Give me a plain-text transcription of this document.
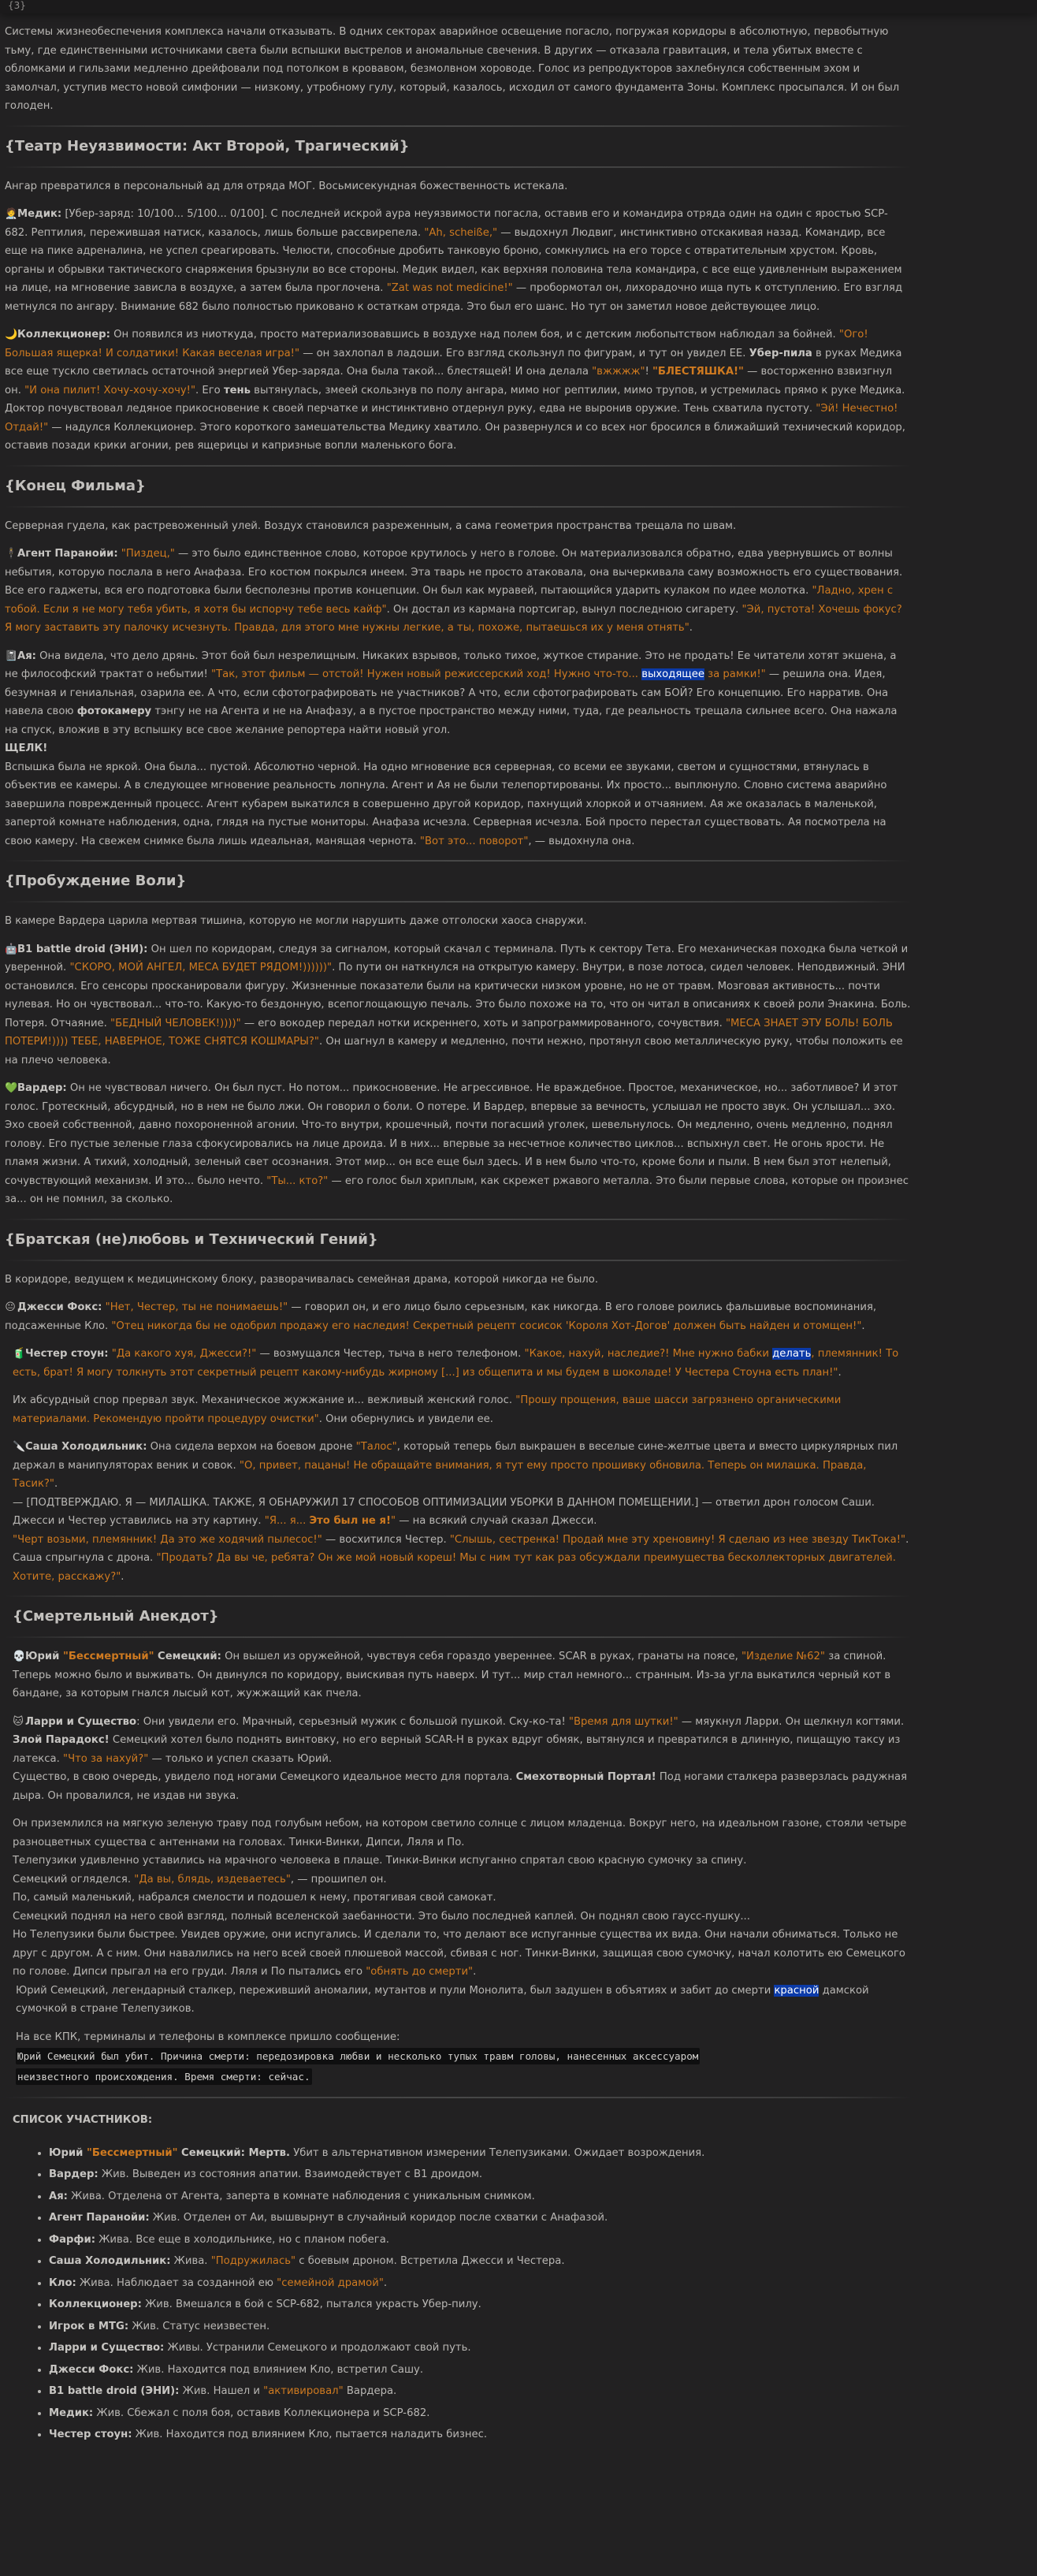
{3}

Системы жизнеобеспечения комплекса начали отказывать. В одних секторах аварийное освещение погасло, погружая коридоры в абсолютную, первобытную тьму, где единственными источниками света были вспышки выстрелов и аномальные свечения. В других — отказала гравитация, и тела убитых вместе с обломками и гильзами медленно дрейфовали под потолком в кровавом, безмолвном хороводе. Голос из репродукторов захлебнулся собственным эхом и замолчал, уступив место новой симфонии — низкому, утробному гулу, который, казалось, исходил от самого фундамента Зоны. Комплекс просыпался. И он был голоден.

{Театр Неуязвимости: Акт Второй, Трагический}

Ангар превратился в персональный ад для отряда МОГ. Восьмисекундная божественность истекала.

🧑‍⚕️Медик: [Убер-заряд: 10/100... 5/100... 0/100]. С последней искрой аура неуязвимости погасла, оставив его и командира отряда один на один с яростью SCP-682. Рептилия, пережившая натиск, казалось, лишь больше рассвирепела. "Ah, scheiße," — выдохнул Людвиг, инстинктивно отскакивая назад. Командир, все еще на пике адреналина, не успел среагировать. Челюсти, способные дробить танковую броню, сомкнулись на его торсе с отвратительным хрустом. Кровь, органы и обрывки тактического снаряжения брызнули во все стороны. Медик видел, как верхняя половина тела командира, с все еще удивленным выражением на лице, на мгновение зависла в воздухе, а затем была проглочена. "Zat was not medicine!" — пробормотал он, лихорадочно ища путь к отступлению. Его взгляд метнулся по ангару. Внимание 682 было полностью приковано к остаткам отряда. Это был его шанс. Но тут он заметил новое действующее лицо.

🌙Коллекционер: Он появился из ниоткуда, просто материализовавшись в воздухе над полем боя, и с детским любопытством наблюдал за бойней. "Ого! Большая ящерка! И солдатики! Какая веселая игра!" — он захлопал в ладоши. Его взгляд скользнул по фигурам, и тут он увидел ЕЕ. Убер-пила в руках Медика все еще тускло светилась остаточной энергией Убер-заряда. Она была такой... блестящей! И она делала "вжжжж"! "БЛЕСТЯШКА!" — восторженно взвизгнул он. "И она пилит! Хочу-хочу-хочу!". Его тень вытянулась, змеей скользнув по полу ангара, мимо ног рептилии, мимо трупов, и устремилась прямо к руке Медика. Доктор почувствовал ледяное прикосновение к своей перчатке и инстинктивно отдернул руку, едва не выронив оружие. Тень схватила пустоту. "Эй! Нечестно! Отдай!" — надулся Коллекционер. Этого короткого замешательства Медику хватило. Он развернулся и со всех ног бросился в ближайший технический коридор, оставив позади крики агонии, рев ящерицы и капризные вопли маленького бога.

{Конец Фильма}

Серверная гудела, как растревоженный улей. Воздух становился разреженным, а сама геометрия пространства трещала по швам.

🕴Агент Паранойи: "Пиздец," — это было единственное слово, которое крутилось у него в голове. Он материализовался обратно, едва увернувшись от волны небытия, которую послала в него Анафаза. Его костюм покрылся инеем. Эта тварь не просто атаковала, она вычеркивала саму возможность его существования. Все его гаджеты, вся его подготовка были бесполезны против концепции. Он был как муравей, пытающийся ударить кулаком по идее молотка. "Ладно, хрен с тобой. Если я не могу тебя убить, я хотя бы испорчу тебе весь кайф". Он достал из кармана портсигар, вынул последнюю сигарету. "Эй, пустота! Хочешь фокус? Я могу заставить эту палочку исчезнуть. Правда, для этого мне нужны легкие, а ты, похоже, пытаешься их у меня отнять".

📓Ая: Она видела, что дело дрянь. Этот бой был незрелищным. Никаких взрывов, только тихое, жуткое стирание. Это не продать! Ее читатели хотят экшена, а не философский трактат о небытии! "Так, этот фильм — отстой! Нужен новый режиссерский ход! Нужно что-то... выходящее за рамки!" — решила она. Идея, безумная и гениальная, озарила ее. А что, если сфотографировать не участников? А что, если сфотографировать сам БОЙ? Его концепцию. Его нарратив. Она навела свою фотокамеру тэнгу не на Агента и не на Анафазу, а в пустое пространство между ними, туда, где реальность трещала сильнее всего. Она нажала на спуск, вложив в эту вспышку все свое желание репортера найти новый угол.

ЩЕЛК!

Вспышка была не яркой. Она была... пустой. Абсолютно черной. На одно мгновение вся серверная, со всеми ее звуками, светом и сущностями, втянулась в объектив ее камеры. А в следующее мгновение реальность лопнула. Агент и Ая не были телепортированы. Их просто... выплюнуло. Словно система аварийно завершила поврежденный процесс. Агент кубарем выкатился в совершенно другой коридор, пахнущий хлоркой и отчаянием. Ая же оказалась в маленькой, запертой комнате наблюдения, одна, глядя на пустые мониторы. Анафаза исчезла. Серверная исчезла. Бой просто перестал существовать. Ая посмотрела на свою камеру. На свежем снимке была лишь идеальная, манящая чернота. "Вот это... поворот", — выдохнула она.

{Пробуждение Воли}

В камере Вардера царила мертвая тишина, которую не могли нарушить даже отголоски хаоса снаружи.

🤖B1 battle droid (ЭНИ): Он шел по коридорам, следуя за сигналом, который скачал с терминала. Путь к сектору Тета. Его механическая походка была четкой и уверенной. "СКОРО, МОЙ АНГЕЛ, МЕСА БУДЕТ РЯДОМ!))))))". По пути он наткнулся на открытую камеру. Внутри, в позе лотоса, сидел человек. Неподвижный. ЭНИ остановился. Его сенсоры просканировали фигуру. Жизненные показатели были на критически низком уровне, но не от травм. Мозговая активность... почти нулевая. Но он чувствовал... что-то. Какую-то бездонную, всепоглощающую печаль. Это было похоже на то, что он читал в описаниях к своей роли Энакина. Боль. Потеря. Отчаяние. "БЕДНЫЙ ЧЕЛОВЕК!))))" — его вокодер передал нотки искреннего, хоть и запрограммированного, сочувствия. "МЕСА ЗНАЕТ ЭТУ БОЛЬ! БОЛЬ ПОТЕРИ!)))) ТЕБЕ, НАВЕРНОЕ, ТОЖЕ СНЯТСЯ КОШМАРЫ?". Он шагнул в камеру и медленно, почти нежно, протянул свою металлическую руку, чтобы положить ее на плечо человека.

💚Вардер: Он не чувствовал ничего. Он был пуст. Но потом... прикосновение. Не агрессивное. Не враждебное. Простое, механическое, но... заботливое? И этот голос. Гротескный, абсурдный, но в нем не было лжи. Он говорил о боли. О потере. И Вардер, впервые за вечность, услышал не просто звук. Он услышал... эхо. Эхо своей собственной, давно похороненной агонии. Что-то внутри, крошечный, почти погасший уголек, шевельнулось. Он медленно, очень медленно, поднял голову. Его пустые зеленые глаза сфокусировались на лице дроида. И в них... впервые за несчетное количество циклов... вспыхнул свет. Не огонь ярости. Не пламя жизни. А тихий, холодный, зеленый свет осознания. Этот мир... он все еще был здесь. И в нем было что-то, кроме боли и пыли. В нем был этот нелепый, сочувствующий механизм. И это... было нечто. "Ты... кто?" — его голос был хриплым, как скрежет ржавого металла. Это были первые слова, которые он произнес за... он не помнил, за сколько.

{Братская (не)любовь и Технический Гений}

В коридоре, ведущем к медицинскому блоку, разворачивалась семейная драма, которой никогда не было.

😐 Джесси Фокс: "Нет, Честер, ты не понимаешь!" — говорил он, и его лицо было серьезным, как никогда. В его голове роились фальшивые воспоминания, подсаженные Кло. "Отец никогда бы не одобрил продажу его наследия! Секретный рецепт сосисок 'Короля Хот-Догов' должен быть найден и отомщен!".

🧃Честер стоун: "Да какого хуя, Джесси?!" — возмущался Честер, тыча в него телефоном. "Какое, нахуй, наследие?! Мне нужно бабки делать, племянник! То есть, брат! Я могу толкнуть этот секретный рецепт какому-нибудь жирному [...] из общепита и мы будем в шоколаде! У Честера Стоуна есть план!".

Их абсурдный спор прервал звук. Механическое жужжание и... вежливый женский голос. "Прошу прощения, ваше шасси загрязнено органическими материалами. Рекомендую пройти процедуру очистки". Они обернулись и увидели ее.

🔪Саша Холодильник: Она сидела верхом на боевом дроне "Талос", который теперь был выкрашен в веселые сине-желтые цвета и вместо циркулярных пил держал в манипуляторах веник и совок. "О, привет, пацаны! Не обращайте внимания, я тут ему просто прошивку обновила. Теперь он милашка. Правда, Тасик?".

— [ПОДТВЕРЖДАЮ. Я — МИЛАШКА. ТАКЖЕ, Я ОБНАРУЖИЛ 17 СПОСОБОВ ОПТИМИЗАЦИИ УБОРКИ В ДАННОМ ПОМЕЩЕНИИ.] — ответил дрон голосом Саши.

Джесси и Честер уставились на эту картину. "Я... я... Это был не я!" — на всякий случай сказал Джесси.

"Черт возьми, племянник! Да это же ходячий пылесос!" — восхитился Честер. "Слышь, сестренка! Продай мне эту хреновину! Я сделаю из нее звезду ТикТока!".

Саша спрыгнула с дрона. "Продать? Да вы че, ребята? Он же мой новый кореш! Мы с ним тут как раз обсуждали преимущества бесколлекторных двигателей. Хотите, расскажу?".

{Смертельный Анекдот}

💀Юрий "Бессмертный" Семецкий: Он вышел из оружейной, чувствуя себя гораздо увереннее. SCAR в руках, гранаты на поясе, "Изделие №62" за спиной. Теперь можно было и выживать. Он двинулся по коридору, выискивая путь наверх. И тут... мир стал немного... странным. Из-за угла выкатился черный кот в бандане, за которым гнался лысый кот, жужжащий как пчела.

🐱 Ларри и Существо: Они увидели его. Мрачный, серьезный мужик с большой пушкой. Ску-ко-та! "Время для шутки!" — мяукнул Ларри. Он щелкнул когтями. Злой Парадокс! Семецкий хотел было поднять винтовку, но его верный SCAR-H в руках вдруг обмяк, вытянулся и превратился в длинную, пищащую таксу из латекса. "Что за нахуй?" — только и успел сказать Юрий.

Существо, в свою очередь, увидело под ногами Семецкого идеальное место для портала. Смехотворный Портал! Под ногами сталкера разверзлась радужная дыра. Он провалился, не издав ни звука.

Он приземлился на мягкую зеленую траву под голубым небом, на котором светило солнце с лицом младенца. Вокруг него, на идеальном газоне, стояли четыре разноцветных существа с антеннами на головах. Тинки-Винки, Дипси, Ляля и По.

Телепузики удивленно уставились на мрачного человека в плаще. Тинки-Винки испуганно спрятал свою красную сумочку за спину.

Семецкий огляделся. "Да вы, блядь, издеваетесь", — прошипел он.

По, самый маленький, набрался смелости и подошел к нему, протягивая свой самокат.

Семецкий поднял на него свой взгляд, полный вселенской заебанности. Это было последней каплей. Он поднял свою гаусс-пушку...

Но Телепузики были быстрее. Увидев оружие, они испугались. И сделали то, что делают все испуганные существа их вида. Они начали обниматься. Только не друг с другом. А с ним. Они навалились на него всей своей плюшевой массой, сбивая с ног. Тинки-Винки, защищая свою сумочку, начал колотить ею Семецкого по голове. Дипси прыгал на его груди. Ляля и По пытались его "обнять до смерти".

Юрий Семецкий, легендарный сталкер, переживший аномалии, мутантов и пули Монолита, был задушен в объятиях и забит до смерти красной дамской сумочкой в стране Телепузиков.

На все КПК, терминалы и телефоны в комплексе пришло сообщение:

Юрий Семецкий был убит. Причина смерти: передозировка любви и несколько тупых травм головы, нанесенных аксессуаром неизвестного происхождения. Время смерти: сейчас.

СПИСОК УЧАСТНИКОВ:
• Юрий "Бессмертный" Семецкий: Мертв. Убит в альтернативном измерении Телепузиками. Ожидает возрождения.
• Вардер: Жив. Выведен из состояния апатии. Взаимодействует с B1 дроидом.
• Ая: Жива. Отделена от Агента, заперта в комнате наблюдения с уникальным снимком.
• Агент Паранойи: Жив. Отделен от Аи, вышвырнут в случайный коридор после схватки с Анафазой.
• Фарфи: Жива. Все еще в холодильнике, но с планом побега.
• Саша Холодильник: Жива. "Подружилась" с боевым дроном. Встретила Джесси и Честера.
• Кло: Жива. Наблюдает за созданной ею "семейной драмой".
• Коллекционер: Жив. Вмешался в бой с SCP-682, пытался украсть Убер-пилу.
• Игрок в MTG: Жив. Статус неизвестен.
• Ларри и Существо: Живы. Устранили Семецкого и продолжают свой путь.
• Джесси Фокс: Жив. Находится под влиянием Кло, встретил Сашу.
• B1 battle droid (ЭНИ): Жив. Нашел и "активировал" Вардера.
• Медик: Жив. Сбежал с поля боя, оставив Коллекционера и SCP-682.
• Честер стоун: Жив. Находится под влиянием Кло, пытается наладить бизнес.
